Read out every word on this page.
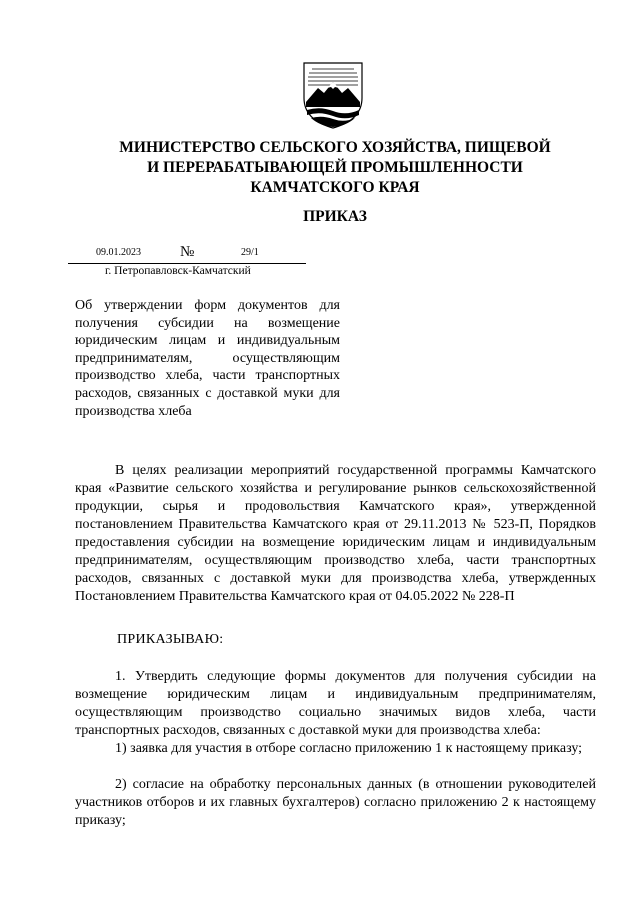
МИНИСТЕРСТВО СЕЛЬСКОГО ХОЗЯЙСТВА, ПИЩЕВОЙ
И ПЕРЕРАБАТЫВАЮЩЕЙ ПРОМЫШЛЕННОСТИ
КАМЧАТСКОГО КРАЯ
ПРИКАЗ
09.01.2023	№	29/1
г. Петропавловск-Камчатский
Об утверждении форм документов для получения субсидии на возмещение юридическим лицам и индивидуальным предпринимателям, осуществляющим производство хлеба, части транспортных расходов, связанных с доставкой муки для производства хлеба

В целях реализации мероприятий государственной программы Камчатского края «Развитие сельского хозяйства и регулирование рынков сельскохозяйственной продукции, сырья и продовольствия Камчатского края», утвержденной постановлением Правительства Камчатского края от 29.11.2013 № 523-П, Порядков предоставления субсидии на возмещение юридическим лицам и индивидуальным предпринимателям, осуществляющим производство хлеба, части транспортных расходов, связанных с доставкой муки для производства хлеба, утвержденных Постановлением Правительства Камчатского края от 04.05.2022 № 228-П

ПРИКАЗЫВАЮ:

1. Утвердить следующие формы документов для получения субсидии на возмещение юридическим лицам и индивидуальным предпринимателям, осуществляющим производство социально значимых видов хлеба, части транспортных расходов, связанных с доставкой муки для производства хлеба:

1) заявка для участия в отборе согласно приложению 1 к настоящему приказу;

2) согласие на обработку персональных данных (в отношении руководителей участников отборов и их главных бухгалтеров) согласно приложению 2 к настоящему приказу;
